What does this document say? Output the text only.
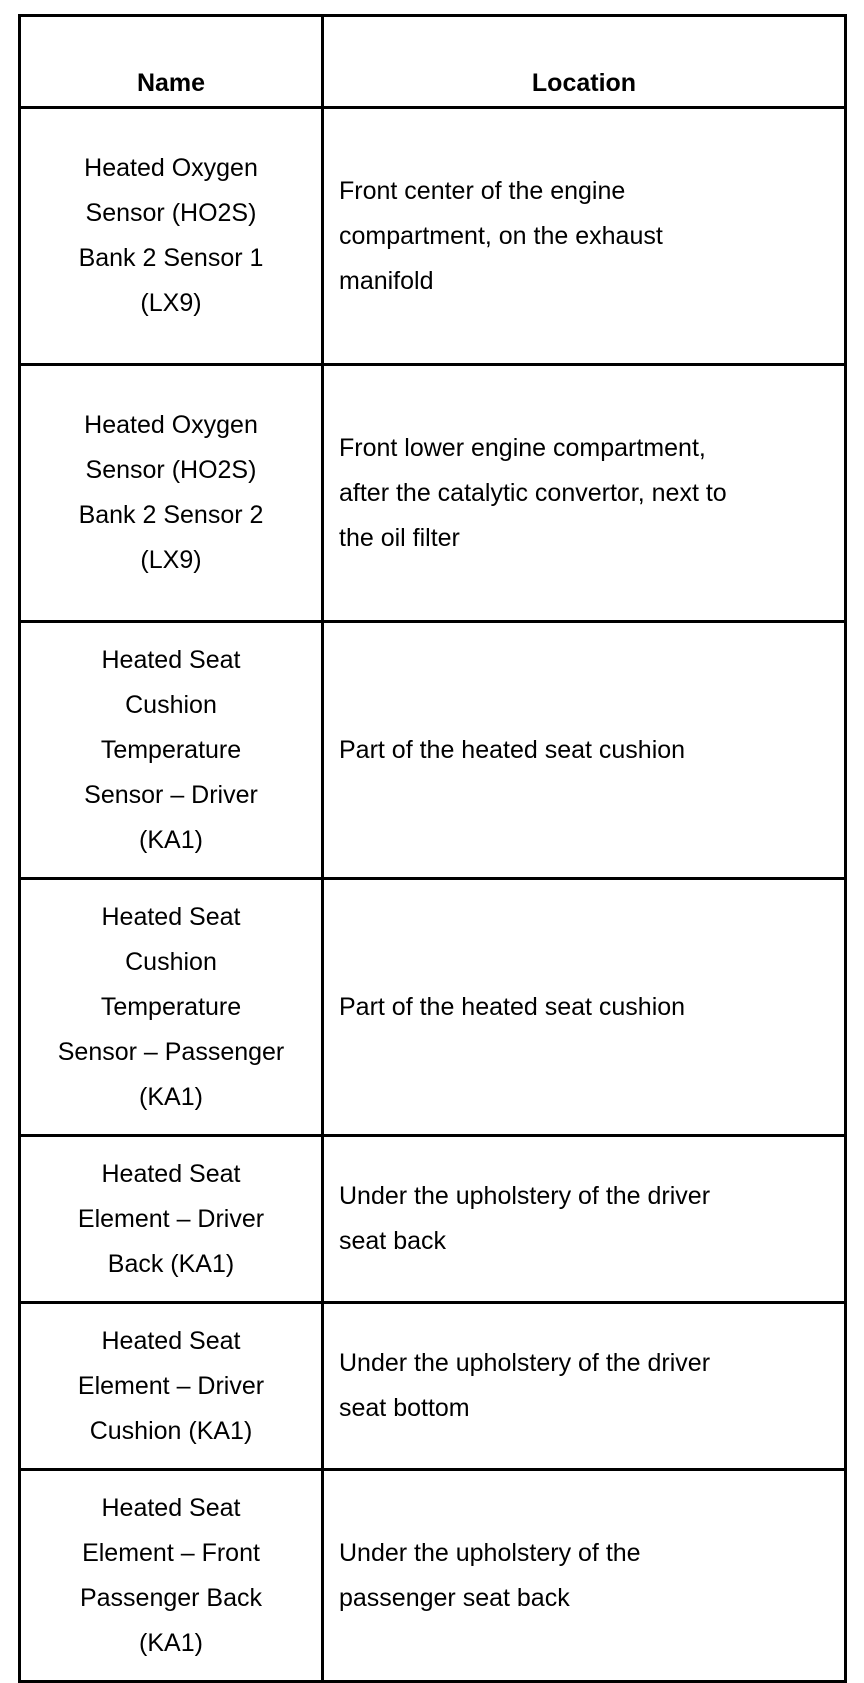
Name	Location

Heated Oxygen
Sensor (HO2S)
Bank 2 Sensor 1
(LX9)	Front center of the engine
compartment, on the exhaust
manifold

Heated Oxygen
Sensor (HO2S)
Bank 2 Sensor 2
(LX9)	Front lower engine compartment,
after the catalytic convertor, next to
the oil filter

Heated Seat
Cushion
Temperature
Sensor – Driver
(KA1)	Part of the heated seat cushion

Heated Seat
Cushion
Temperature
Sensor – Passenger
(KA1)	Part of the heated seat cushion

Heated Seat
Element – Driver
Back (KA1)	Under the upholstery of the driver
seat back

Heated Seat
Element – Driver
Cushion (KA1)	Under the upholstery of the driver
seat bottom

Heated Seat
Element – Front
Passenger Back
(KA1)	Under the upholstery of the
passenger seat back
